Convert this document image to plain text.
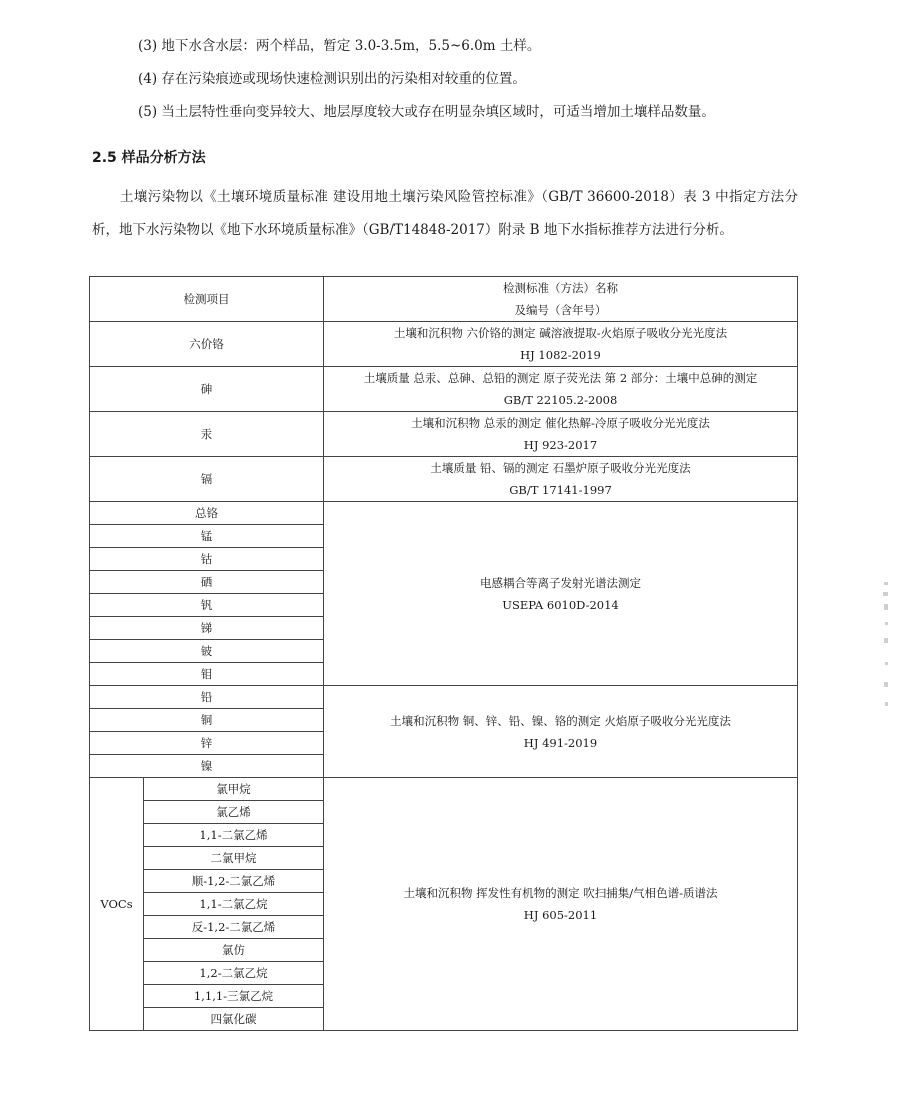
(3) 地下水含水层：两个样品，暂定 3.0-3.5m，5.5~6.0m 土样。
(4) 存在污染痕迹或现场快速检测识别出的污染相对较重的位置。
(5) 当土层特性垂向变异较大、地层厚度较大或存在明显杂填区域时，可适当增加土壤样品数量。
2.5 样品分析方法
土壤污染物以《土壤环境质量标准 建设用地土壤污染风险管控标准》（GB/T 36600-2018）表 3 中指定方法分析，地下水污染物以《地下水环境质量标准》（GB/T14848-2017）附录 B 地下水指标推荐方法进行分析。
检测项目		检测标准（方法）名称
及编号（含年号）

六价铬		土壤和沉积物 六价铬的测定 碱溶液提取-火焰原子吸收分光光度法
HJ 1082-2019

砷		土壤质量 总汞、总砷、总铅的测定 原子荧光法 第 2 部分：土壤中总砷的测定
GB/T 22105.2-2008

汞		土壤和沉积物 总汞的测定 催化热解-冷原子吸收分光光度法
HJ 923-2017

镉		土壤质量 铅、镉的测定 石墨炉原子吸收分光光度法
GB/T 17141-1997

总铬		电感耦合等离子发射光谱法测定
USEPA 6010D-2014

锰		
钴		
硒		
钒		
锑		
铍		
钼		
铅		土壤和沉积物 铜、锌、铅、镍、铬的测定 火焰原子吸收分光光度法
HJ 491-2019

铜		
锌		
镍		
VOCs	氯甲烷	土壤和沉积物 挥发性有机物的测定 吹扫捕集/气相色谱-质谱法
HJ 605-2011

	氯乙烯	
	1,1-二氯乙烯	
	二氯甲烷	
	顺-1,2-二氯乙烯	
	1,1-二氯乙烷	
	反-1,2-二氯乙烯	
	氯仿	
	1,2-二氯乙烷	
	1,1,1-三氯乙烷	
	四氯化碳	
